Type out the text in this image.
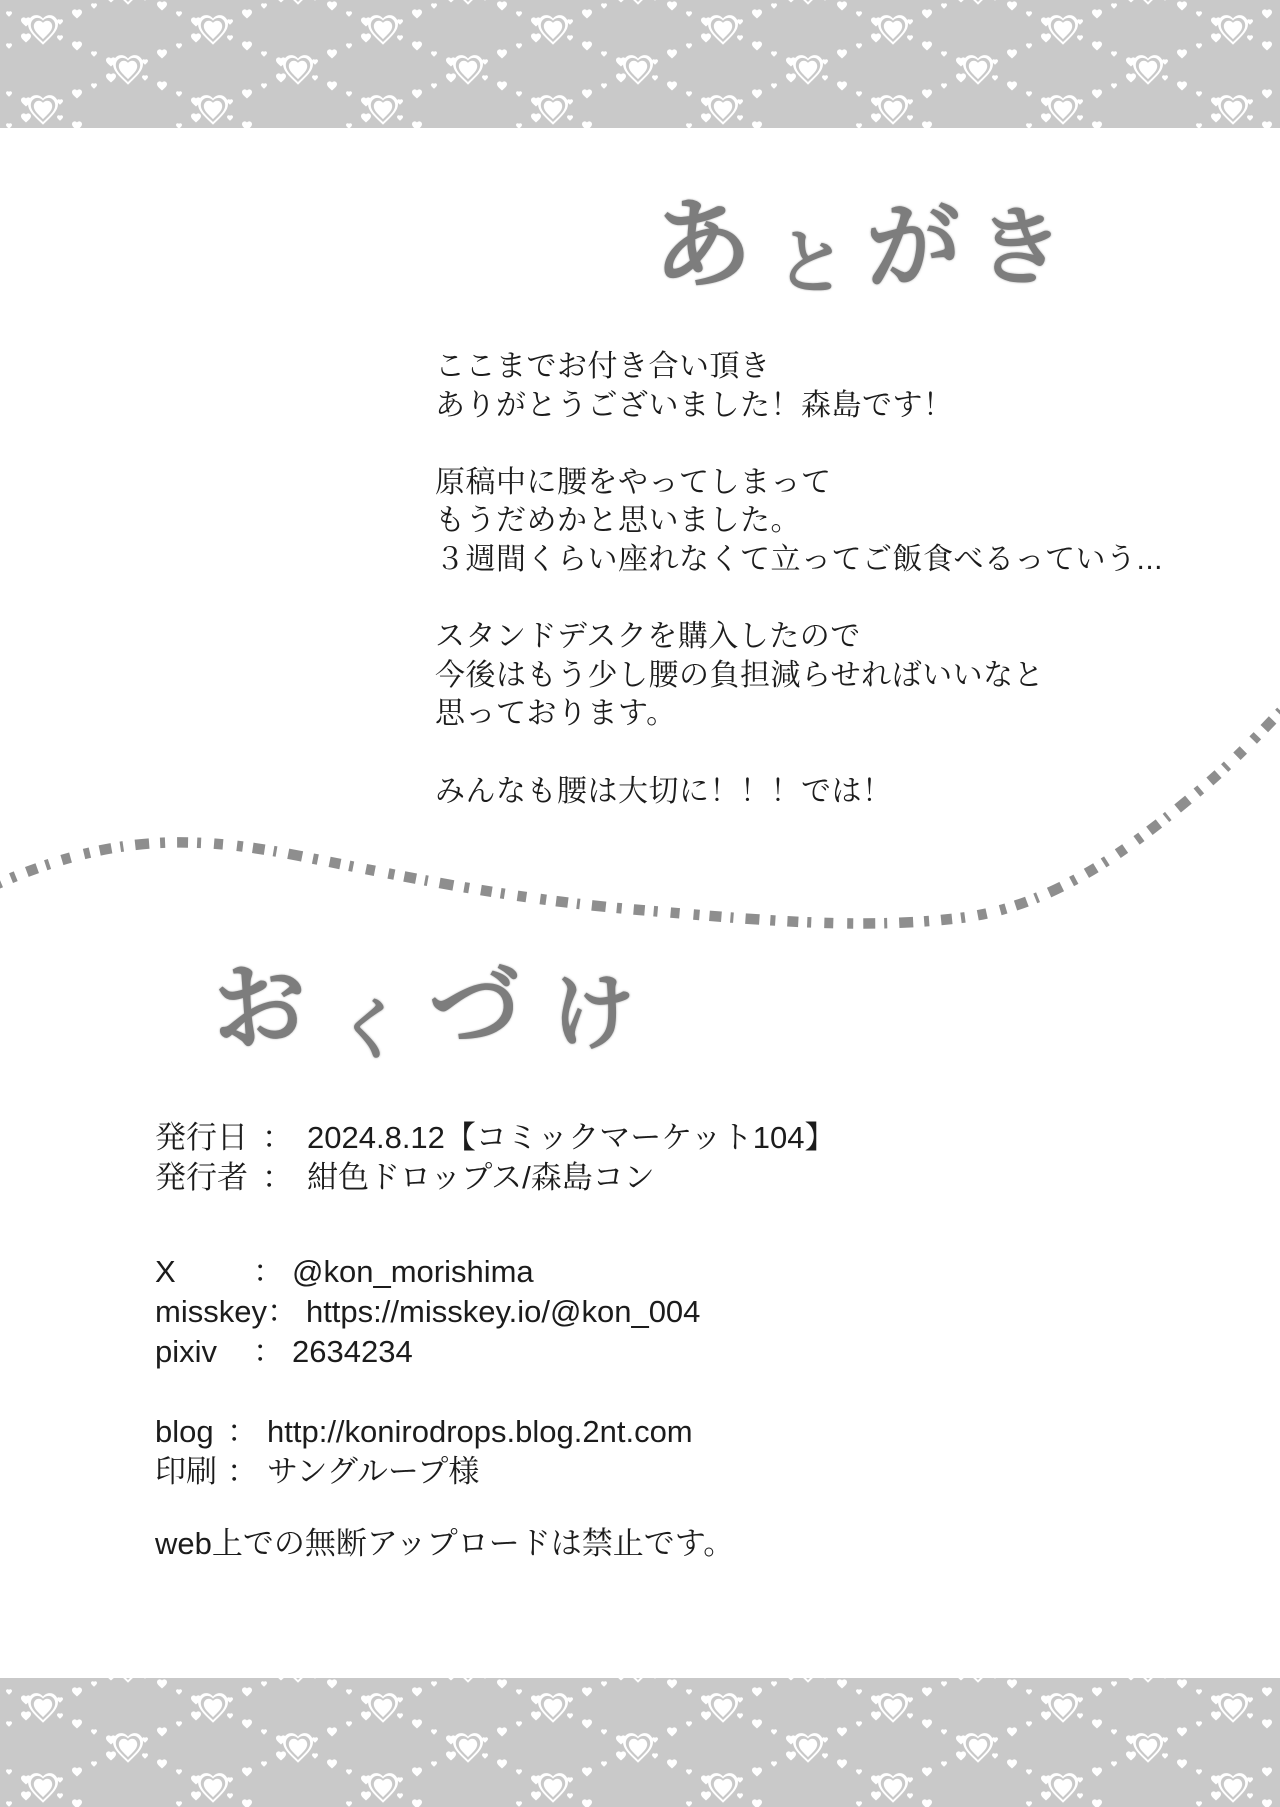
あ と が き
ここまでお付き合い頂き
ありがとうございました！森島です！
原稿中に腰をやってしまって
もうだめかと思いました。
３週間くらい座れなくて立ってご飯食べるっていう...
スタンドデスクを購入したので
今後はもう少し腰の負担減らせればいいなと
思っております。
みんなも腰は大切に！！！では！
お く づ け
発行日 ： 2024.8.12【コミックマーケット104】
発行者 ： 紺色ドロップス/森島コン
X	： @kon_morishima
misskey ： https://misskey.io/@kon_004
pixiv	： 2634234
blog ： http://konirodrops.blog.2nt.com
印刷 ： サングループ様
web上での無断アップロードは禁止です。
